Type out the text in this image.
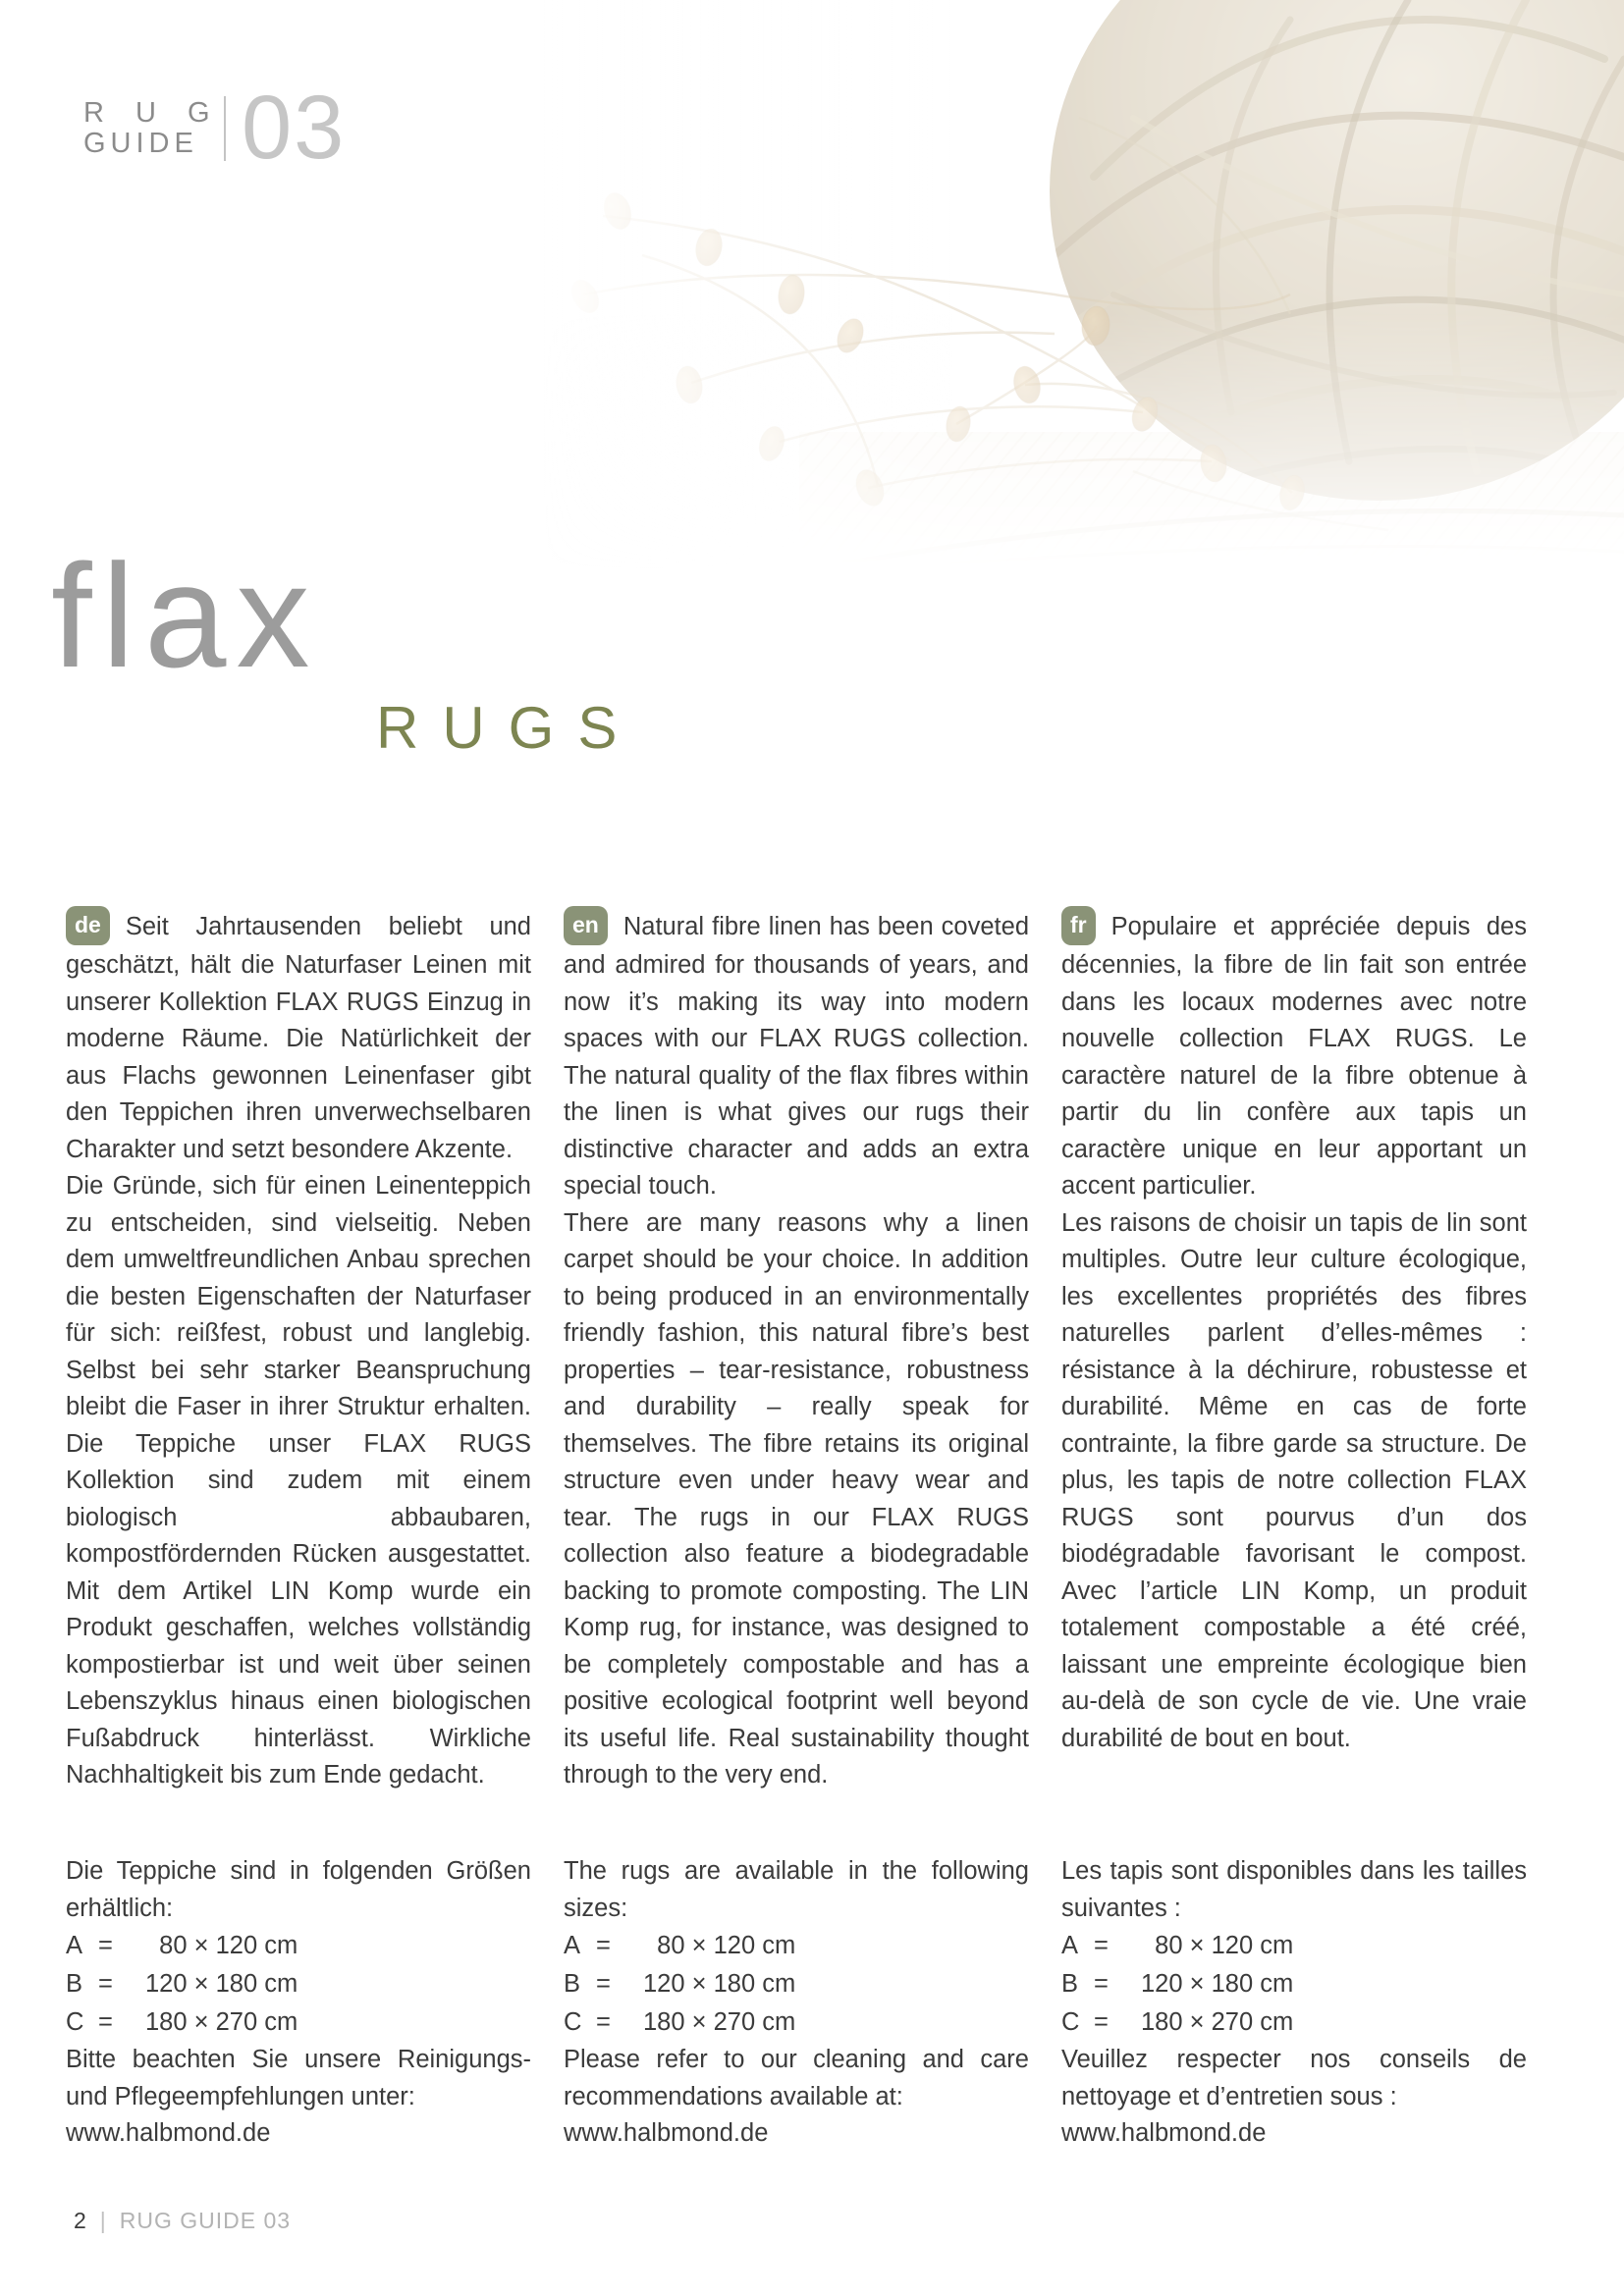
R U G
GUIDE 03
flax
RUGS

de Seit Jahrtausenden beliebt und geschätzt, hält die Naturfaser Leinen mit unserer Kollektion FLAX RUGS Einzug in moderne Räume. Die Natürlichkeit der aus Flachs gewonnen Leinenfaser gibt den Teppichen ihren unverwechselbaren Charakter und setzt besondere Akzente.

Die Gründe, sich für einen Leinenteppich zu entscheiden, sind vielseitig. Neben dem umweltfreundlichen Anbau sprechen die besten Eigenschaften der Naturfaser für sich: reißfest, robust und langlebig. Selbst bei sehr starker Beanspruchung bleibt die Faser in ihrer Struktur erhalten. Die Teppiche unser FLAX RUGS Kollektion sind zudem mit einem biologisch abbaubaren, kompostfördernden Rücken ausgestattet. Mit dem Artikel LIN Komp wurde ein Produkt geschaffen, welches vollständig kompostierbar ist und weit über seinen Lebenszyklus hinaus einen biologischen Fußabdruck hinterlässt. Wirkliche Nachhaltigkeit bis zum Ende gedacht.

en Natural fibre linen has been coveted and admired for thousands of years, and now it’s making its way into modern spaces with our FLAX RUGS collection. The natural quality of the flax fibres within the linen is what gives our rugs their distinctive character and adds an extra special touch.

There are many reasons why a linen carpet should be your choice. In addition to being produced in an environmentally friendly fashion, this natural fibre’s best properties – tear-resistance, robustness and durability – really speak for themselves. The fibre retains its original structure even under heavy wear and tear. The rugs in our FLAX RUGS collection also feature a biodegradable backing to promote composting. The LIN Komp rug, for instance, was designed to be completely compostable and has a positive ecological footprint well beyond its useful life. Real sustainability thought through to the very end.

fr Populaire et appréciée depuis des décennies, la fibre de lin fait son entrée dans les locaux modernes avec notre nouvelle collection FLAX RUGS. Le caractère naturel de la fibre obtenue à partir du lin confère aux tapis un caractère unique en leur apportant un accent particulier.

Les raisons de choisir un tapis de lin sont multiples. Outre leur culture écologique, les excellentes propriétés des fibres naturelles parlent d’elles-mêmes : résistance à la déchirure, robustesse et durabilité. Même en cas de forte contrainte, la fibre garde sa structure. De plus, les tapis de notre collection FLAX RUGS sont pourvus d’un dos biodégradable favorisant le compost. Avec l’article LIN Komp, un produit totalement compostable a été créé, laissant une empreinte écologique bien au-delà de son cycle de vie. Une vraie durabilité de bout en bout.

Die Teppiche sind in folgenden Größen erhältlich:

A =	 80 × 120 cm
B =	120 × 180 cm
C =	180 × 270 cm

Bitte beachten Sie unsere Reinigungs- und Pflegeempfehlungen unter:

www.halbmond.de

The rugs are available in the following sizes:

A =	 80 × 120 cm
B =	120 × 180 cm
C =	180 × 270 cm

Please refer to our cleaning and care recommendations available at:

www.halbmond.de

Les tapis sont disponibles dans les tailles suivantes :

A =	 80 × 120 cm
B =	120 × 180 cm
C =	180 × 270 cm

Veuillez respecter nos conseils de nettoyage et d’entretien sous :

www.halbmond.de
2 | RUG GUIDE 03
